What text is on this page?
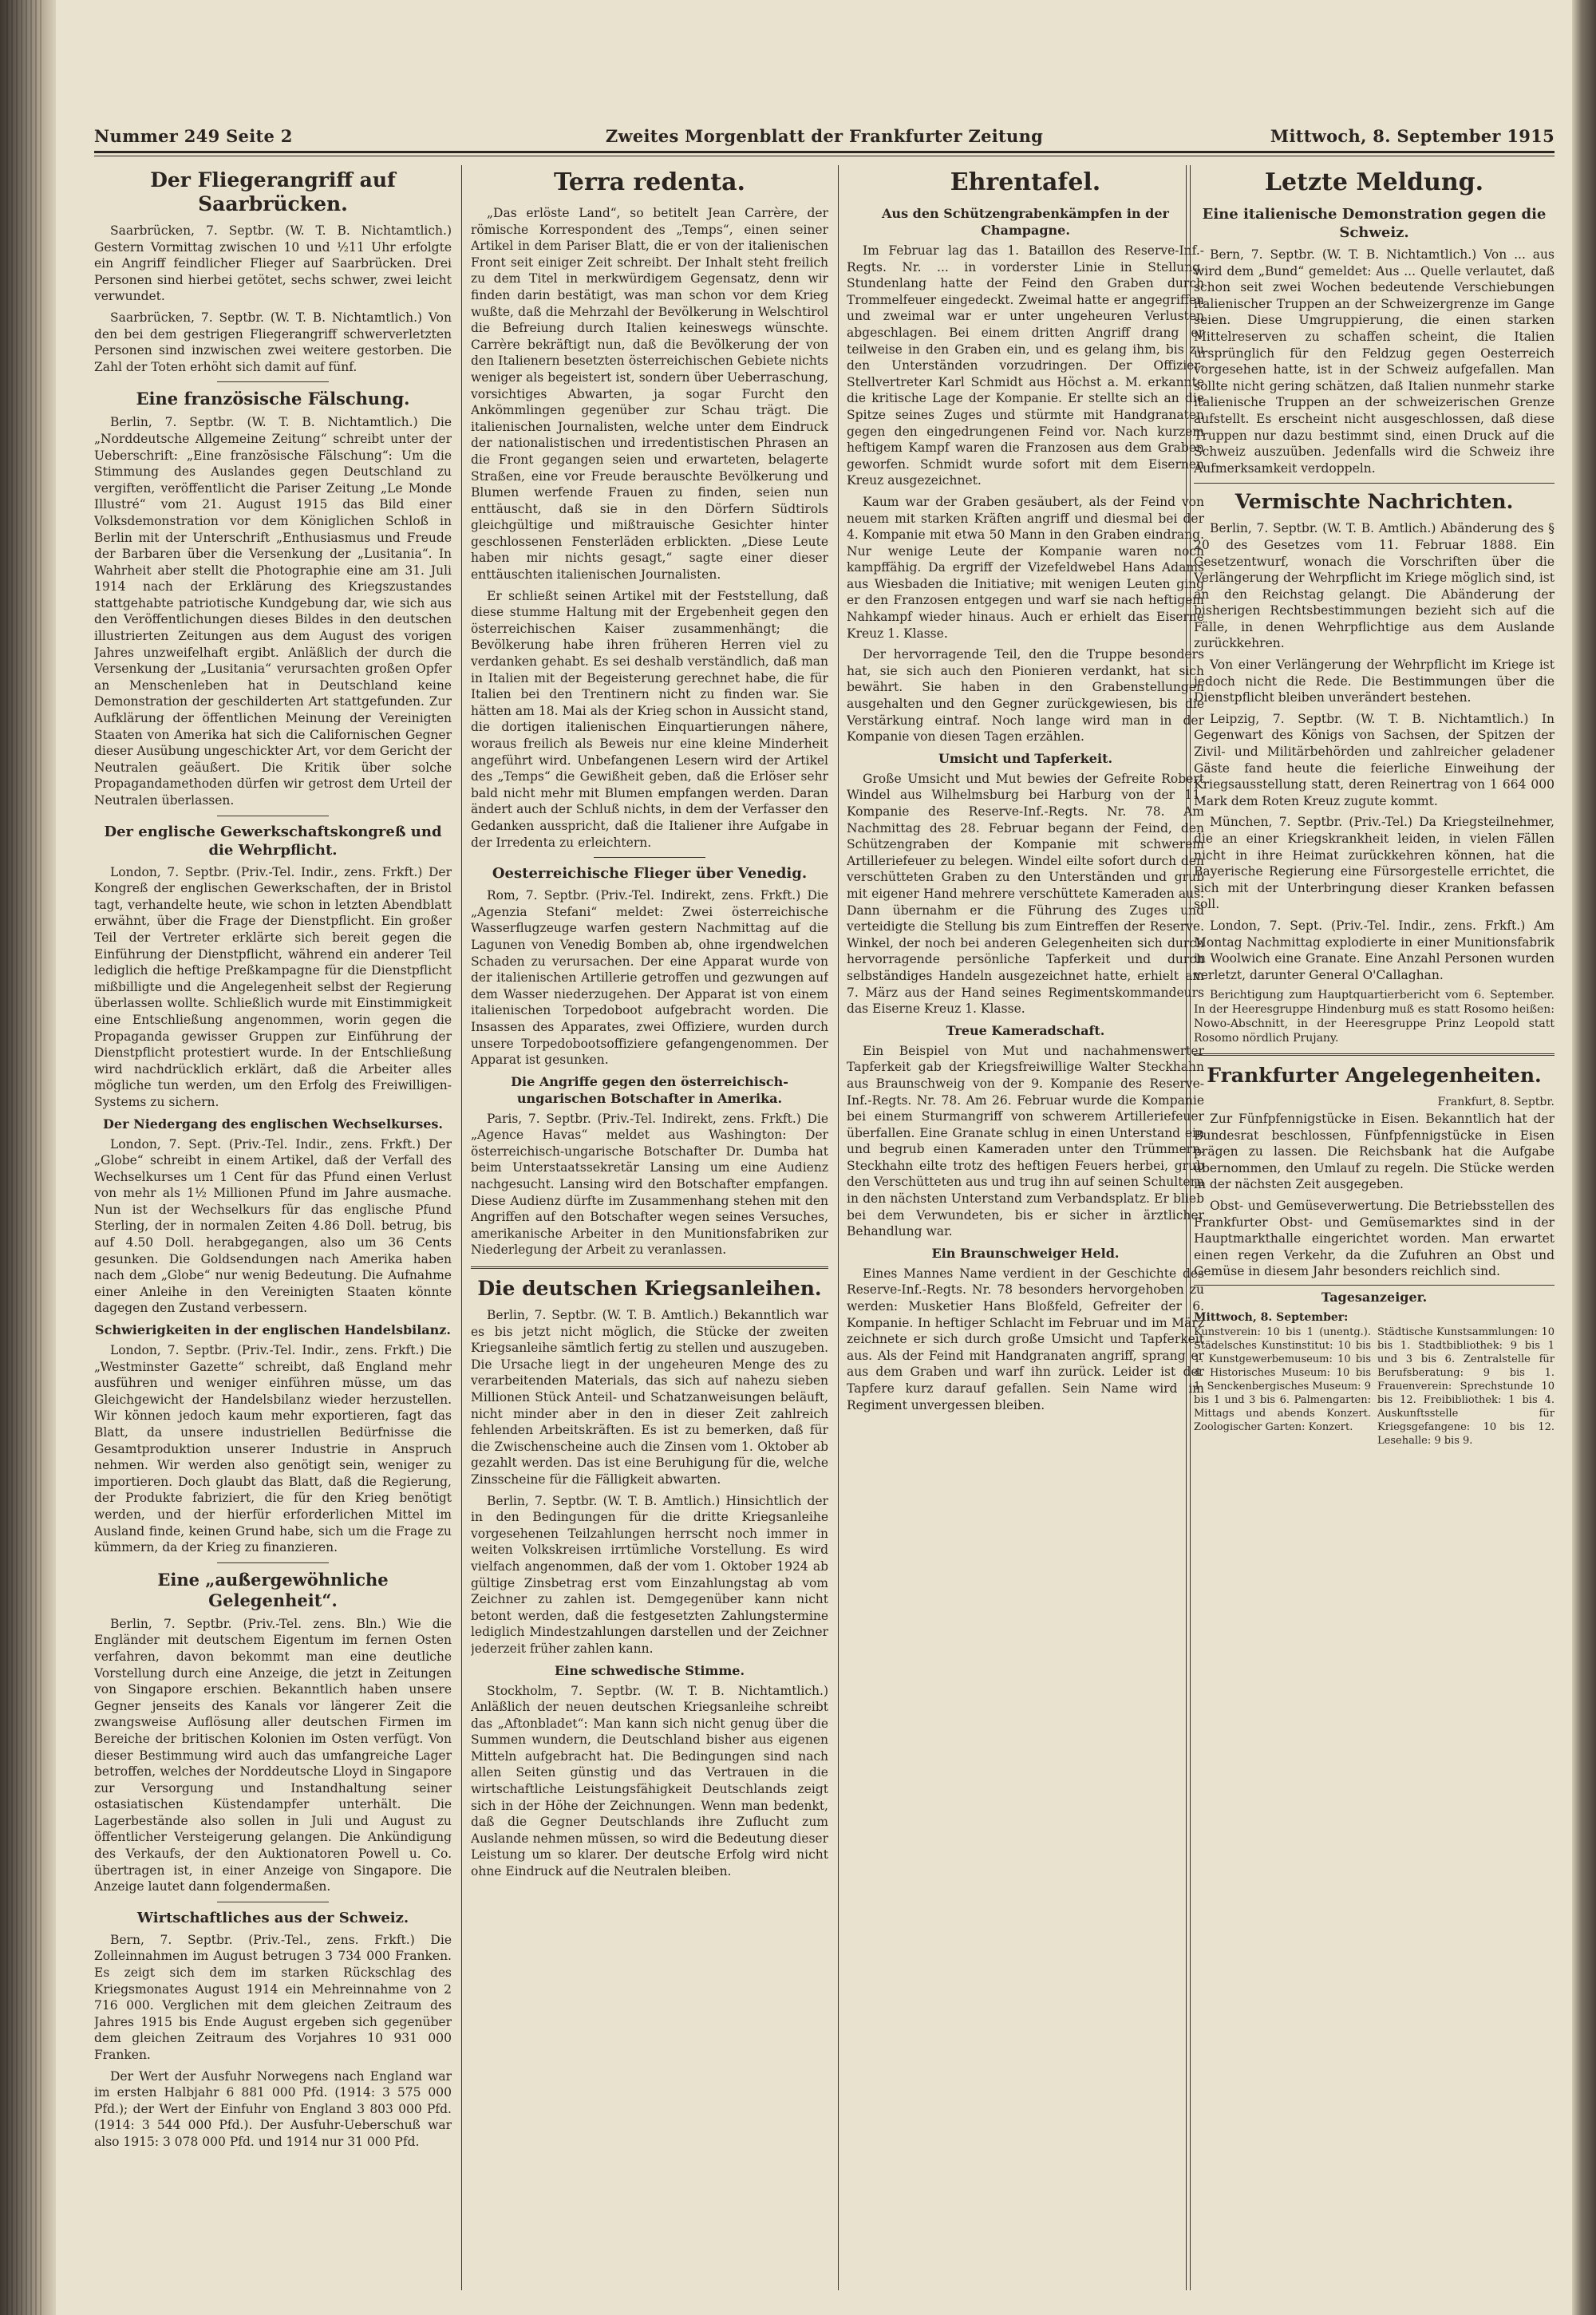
Nummer 249 Seite 2	Zweites Morgenblatt der Frankfurter Zeitung	Mittwoch, 8. September 1915
Der Fliegerangriff auf Saarbrücken.

Saarbrücken, 7. Septbr. (W. T. B. Nichtamtlich.) Gestern Vormittag zwischen 10 und ½11 Uhr erfolgte ein Angriff feindlicher Flieger auf Saarbrücken. Drei Personen sind hierbei getötet, sechs schwer, zwei leicht verwundet.

Saarbrücken, 7. Septbr. (W. T. B. Nichtamtlich.) Von den bei dem gestrigen Fliegerangriff schwerverletzten Personen sind inzwischen zwei weitere gestorben. Die Zahl der Toten erhöht sich damit auf fünf.

Eine französische Fälschung.

Berlin, 7. Septbr. (W. T. B. Nichtamtlich.) Die „Norddeutsche Allgemeine Zeitung“ schreibt unter der Ueberschrift: „Eine französische Fälschung“: Um die Stimmung des Auslandes gegen Deutschland zu vergiften, veröffentlicht die Pariser Zeitung „Le Monde Illustré“ vom 21. August 1915 das Bild einer Volksdemonstration vor dem Königlichen Schloß in Berlin mit der Unterschrift „Enthusiasmus und Freude der Barbaren über die Versenkung der „Lusitania“. In Wahrheit aber stellt die Photographie eine am 31. Juli 1914 nach der Erklärung des Kriegszustandes stattgehabte patriotische Kundgebung dar, wie sich aus den Veröffentlichungen dieses Bildes in den deutschen illustrierten Zeitungen aus dem August des vorigen Jahres unzweifelhaft ergibt. Anläßlich der durch die Versenkung der „Lusitania“ verursachten großen Opfer an Menschenleben hat in Deutschland keine Demonstration der geschilderten Art stattgefunden. Zur Aufklärung der öffentlichen Meinung der Vereinigten Staaten von Amerika hat sich die Californischen Gegner dieser Ausübung ungeschickter Art, vor dem Gericht der Neutralen geäußert. Die Kritik über solche Propagandamethoden dürfen wir getrost dem Urteil der Neutralen überlassen.

Der englische Gewerkschaftskongreß und die Wehrpflicht.

London, 7. Septbr. (Priv.-Tel. Indir., zens. Frkft.) Der Kongreß der englischen Gewerkschaften, der in Bristol tagt, verhandelte heute, wie schon in letzten Abendblatt erwähnt, über die Frage der Dienstpflicht. Ein großer Teil der Vertreter erklärte sich bereit gegen die Einführung der Dienstpflicht, während ein anderer Teil lediglich die heftige Preßkampagne für die Dienstpflicht mißbilligte und die Angelegenheit selbst der Regierung überlassen wollte. Schließlich wurde mit Einstimmigkeit eine Entschließung angenommen, worin gegen die Propaganda gewisser Gruppen zur Einführung der Dienstpflicht protestiert wurde. In der Entschließung wird nachdrücklich erklärt, daß die Arbeiter alles mögliche tun werden, um den Erfolg des Freiwilligen-Systems zu sichern.

Der Niedergang des englischen Wechselkurses.

London, 7. Sept. (Priv.-Tel. Indir., zens. Frkft.) Der „Globe“ schreibt in einem Artikel, daß der Verfall des Wechselkurses um 1 Cent für das Pfund einen Verlust von mehr als 1½ Millionen Pfund im Jahre ausmache. Nun ist der Wechselkurs für das englische Pfund Sterling, der in normalen Zeiten 4.86 Doll. betrug, bis auf 4.50 Doll. herabgegangen, also um 36 Cents gesunken. Die Goldsendungen nach Amerika haben nach dem „Globe“ nur wenig Bedeutung. Die Aufnahme einer Anleihe in den Vereinigten Staaten könnte dagegen den Zustand verbessern.

Schwierigkeiten in der englischen Handelsbilanz.

London, 7. Septbr. (Priv.-Tel. Indir., zens. Frkft.) Die „Westminster Gazette“ schreibt, daß England mehr ausführen und weniger einführen müsse, um das Gleichgewicht der Handelsbilanz wieder herzustellen. Wir können jedoch kaum mehr exportieren, fagt das Blatt, da unsere industriellen Bedürfnisse die Gesamtproduktion unserer Industrie in Anspruch nehmen. Wir werden also genötigt sein, weniger zu importieren. Doch glaubt das Blatt, daß die Regierung, der Produkte fabriziert, die für den Krieg benötigt werden, und der hierfür erforderlichen Mittel im Ausland finde, keinen Grund habe, sich um die Frage zu kümmern, da der Krieg zu finanzieren.

Eine „außergewöhnliche Gelegenheit“.

Berlin, 7. Septbr. (Priv.-Tel. zens. Bln.) Wie die Engländer mit deutschem Eigentum im fernen Osten verfahren, davon bekommt man eine deutliche Vorstellung durch eine Anzeige, die jetzt in Zeitungen von Singapore erschien. Bekanntlich haben unsere Gegner jenseits des Kanals vor längerer Zeit die zwangsweise Auflösung aller deutschen Firmen im Bereiche der britischen Kolonien im Osten verfügt. Von dieser Bestimmung wird auch das umfangreiche Lager betroffen, welches der Norddeutsche Lloyd in Singapore zur Versorgung und Instandhaltung seiner ostasiatischen Küstendampfer unterhält. Die Lagerbestände also sollen in Juli und August zu öffentlicher Versteigerung gelangen. Die Ankündigung des Verkaufs, der den Auktionatoren Powell u. Co. übertragen ist, in einer Anzeige von Singapore. Die Anzeige lautet dann folgendermaßen.

Wirtschaftliches aus der Schweiz.

Bern, 7. Septbr. (Priv.-Tel., zens. Frkft.) Die Zolleinnahmen im August betrugen 3 734 000 Franken. Es zeigt sich dem im starken Rückschlag des Kriegsmonates August 1914 ein Mehreinnahme von 2 716 000. Verglichen mit dem gleichen Zeitraum des Jahres 1915 bis Ende August ergeben sich gegenüber dem gleichen Zeitraum des Vorjahres 10 931 000 Franken.

Der Wert der Ausfuhr Norwegens nach England war im ersten Halbjahr 6 881 000 Pfd. (1914: 3 575 000 Pfd.); der Wert der Einfuhr von England 3 803 000 Pfd. (1914: 3 544 000 Pfd.). Der Ausfuhr-Ueberschuß war also 1915: 3 078 000 Pfd. und 1914 nur 31 000 Pfd.

Terra redenta.

„Das erlöste Land“, so betitelt Jean Carrère, der römische Korrespondent des „Temps“, einen seiner Artikel in dem Pariser Blatt, die er von der italienischen Front seit einiger Zeit schreibt. Der Inhalt steht freilich zu dem Titel in merkwürdigem Gegensatz, denn wir finden darin bestätigt, was man schon vor dem Krieg wußte, daß die Mehrzahl der Bevölkerung in Welschtirol die Befreiung durch Italien keineswegs wünschte. Carrère bekräftigt nun, daß die Bevölkerung der von den Italienern besetzten österreichischen Gebiete nichts weniger als begeistert ist, sondern über Ueberraschung, vorsichtiges Abwarten, ja sogar Furcht den Ankömmlingen gegenüber zur Schau trägt. Die italienischen Journalisten, welche unter dem Eindruck der nationalistischen und irredentistischen Phrasen an die Front gegangen seien und erwarteten, belagerte Straßen, eine vor Freude berauschte Bevölkerung und Blumen werfende Frauen zu finden, seien nun enttäuscht, daß sie in den Dörfern Südtirols gleichgültige und mißtrauische Gesichter hinter geschlossenen Fensterläden erblickten. „Diese Leute haben mir nichts gesagt,“ sagte einer dieser enttäuschten italienischen Journalisten.

Er schließt seinen Artikel mit der Feststellung, daß diese stumme Haltung mit der Ergebenheit gegen den österreichischen Kaiser zusammenhängt; die Bevölkerung habe ihren früheren Herren viel zu verdanken gehabt. Es sei deshalb verständlich, daß man in Italien mit der Begeisterung gerechnet habe, die für Italien bei den Trentinern nicht zu finden war. Sie hätten am 18. Mai als der Krieg schon in Aussicht stand, die dortigen italienischen Einquartierungen nähere, woraus freilich als Beweis nur eine kleine Minderheit angeführt wird. Unbefangenen Lesern wird der Artikel des „Temps“ die Gewißheit geben, daß die Erlöser sehr bald nicht mehr mit Blumen empfangen werden. Daran ändert auch der Schluß nichts, in dem der Verfasser den Gedanken ausspricht, daß die Italiener ihre Aufgabe in der Irredenta zu erleichtern.

Oesterreichische Flieger über Venedig.

Rom, 7. Septbr. (Priv.-Tel. Indirekt, zens. Frkft.) Die „Agenzia Stefani“ meldet: Zwei österreichische Wasserflugzeuge warfen gestern Nachmittag auf die Lagunen von Venedig Bomben ab, ohne irgendwelchen Schaden zu verursachen. Der eine Apparat wurde von der italienischen Artillerie getroffen und gezwungen auf dem Wasser niederzugehen. Der Apparat ist von einem italienischen Torpedoboot aufgebracht worden. Die Insassen des Apparates, zwei Offiziere, wurden durch unsere Torpedobootsoffiziere gefangengenommen. Der Apparat ist gesunken.

Die Angriffe gegen den österreichisch-ungarischen Botschafter in Amerika.

Paris, 7. Septbr. (Priv.-Tel. Indirekt, zens. Frkft.) Die „Agence Havas“ meldet aus Washington: Der österreichisch-ungarische Botschafter Dr. Dumba hat beim Unterstaatssekretär Lansing um eine Audienz nachgesucht. Lansing wird den Botschafter empfangen. Diese Audienz dürfte im Zusammenhang stehen mit den Angriffen auf den Botschafter wegen seines Versuches, amerikanische Arbeiter in den Munitionsfabriken zur Niederlegung der Arbeit zu veranlassen.

Die deutschen Kriegsanleihen.

Berlin, 7. Septbr. (W. T. B. Amtlich.) Bekanntlich war es bis jetzt nicht möglich, die Stücke der zweiten Kriegsanleihe sämtlich fertig zu stellen und auszugeben. Die Ursache liegt in der ungeheuren Menge des zu verarbeitenden Materials, das sich auf nahezu sieben Millionen Stück Anteil- und Schatzanweisungen beläuft, nicht minder aber in den in dieser Zeit zahlreich fehlenden Arbeitskräften. Es ist zu bemerken, daß für die Zwischenscheine auch die Zinsen vom 1. Oktober ab gezahlt werden. Das ist eine Beruhigung für die, welche Zinsscheine für die Fälligkeit abwarten.

Berlin, 7. Septbr. (W. T. B. Amtlich.) Hinsichtlich der in den Bedingungen für die dritte Kriegsanleihe vorgesehenen Teilzahlungen herrscht noch immer in weiten Volkskreisen irrtümliche Vorstellung. Es wird vielfach angenommen, daß der vom 1. Oktober 1924 ab gültige Zinsbetrag erst vom Einzahlungstag ab vom Zeichner zu zahlen ist. Demgegenüber kann nicht betont werden, daß die festgesetzten Zahlungstermine lediglich Mindestzahlungen darstellen und der Zeichner jederzeit früher zahlen kann.

Eine schwedische Stimme.

Stockholm, 7. Septbr. (W. T. B. Nichtamtlich.) Anläßlich der neuen deutschen Kriegsanleihe schreibt das „Aftonbladet“: Man kann sich nicht genug über die Summen wundern, die Deutschland bisher aus eigenen Mitteln aufgebracht hat. Die Bedingungen sind nach allen Seiten günstig und das Vertrauen in die wirtschaftliche Leistungsfähigkeit Deutschlands zeigt sich in der Höhe der Zeichnungen. Wenn man bedenkt, daß die Gegner Deutschlands ihre Zuflucht zum Auslande nehmen müssen, so wird die Bedeutung dieser Leistung um so klarer. Der deutsche Erfolg wird nicht ohne Eindruck auf die Neutralen bleiben.

Ehrentafel.
Aus den Schützengrabenkämpfen in der Champagne.

Im Februar lag das 1. Bataillon des Reserve-Inf.-Regts. Nr. ... in vorderster Linie in Stellung. Stundenlang hatte der Feind den Graben durch Trommelfeuer eingedeckt. Zweimal hatte er angegriffen und zweimal war er unter ungeheuren Verlusten abgeschlagen. Bei einem dritten Angriff drang er teilweise in den Graben ein, und es gelang ihm, bis zu den Unterständen vorzudringen. Der Offizier-Stellvertreter Karl Schmidt aus Höchst a. M. erkannte die kritische Lage der Kompanie. Er stellte sich an die Spitze seines Zuges und stürmte mit Handgranaten gegen den eingedrungenen Feind vor. Nach kurzem heftigem Kampf waren die Franzosen aus dem Graben geworfen. Schmidt wurde sofort mit dem Eisernen Kreuz ausgezeichnet.

Kaum war der Graben gesäubert, als der Feind von neuem mit starken Kräften angriff und diesmal bei der 4. Kompanie mit etwa 50 Mann in den Graben eindrang. Nur wenige Leute der Kompanie waren noch kampffähig. Da ergriff der Vizefeldwebel Hans Adams aus Wiesbaden die Initiative; mit wenigen Leuten ging er den Franzosen entgegen und warf sie nach heftigem Nahkampf wieder hinaus. Auch er erhielt das Eiserne Kreuz 1. Klasse.

Der hervorragende Teil, den die Truppe besonders hat, sie sich auch den Pionieren verdankt, hat sich bewährt. Sie haben in den Grabenstellungen ausgehalten und den Gegner zurückgewiesen, bis die Verstärkung eintraf. Noch lange wird man in der Kompanie von diesen Tagen erzählen.

Umsicht und Tapferkeit.

Große Umsicht und Mut bewies der Gefreite Robert Windel aus Wilhelmsburg bei Harburg von der 11. Kompanie des Reserve-Inf.-Regts. Nr. 78. Am Nachmittag des 28. Februar begann der Feind, den Schützengraben der Kompanie mit schwerem Artilleriefeuer zu belegen. Windel eilte sofort durch den verschütteten Graben zu den Unterständen und grub mit eigener Hand mehrere verschüttete Kameraden aus. Dann übernahm er die Führung des Zuges und verteidigte die Stellung bis zum Eintreffen der Reserve. Winkel, der noch bei anderen Gelegenheiten sich durch hervorragende persönliche Tapferkeit und durch selbständiges Handeln ausgezeichnet hatte, erhielt am 7. März aus der Hand seines Regimentskommandeurs das Eiserne Kreuz 1. Klasse.

Treue Kameradschaft.

Ein Beispiel von Mut und nachahmenswerter Tapferkeit gab der Kriegsfreiwillige Walter Steckhahn aus Braunschweig von der 9. Kompanie des Reserve-Inf.-Regts. Nr. 78. Am 26. Februar wurde die Kompanie bei einem Sturmangriff von schwerem Artilleriefeuer überfallen. Eine Granate schlug in einen Unterstand ein und begrub einen Kameraden unter den Trümmern. Steckhahn eilte trotz des heftigen Feuers herbei, grub den Verschütteten aus und trug ihn auf seinen Schultern in den nächsten Unterstand zum Verbandsplatz. Er blieb bei dem Verwundeten, bis er sicher in ärztlicher Behandlung war.

Ein Braunschweiger Held.

Eines Mannes Name verdient in der Geschichte des Reserve-Inf.-Regts. Nr. 78 besonders hervorgehoben zu werden: Musketier Hans Bloßfeld, Gefreiter der 6. Kompanie. In heftiger Schlacht im Februar und im März zeichnete er sich durch große Umsicht und Tapferkeit aus. Als der Feind mit Handgranaten angriff, sprang er aus dem Graben und warf ihn zurück. Leider ist der Tapfere kurz darauf gefallen. Sein Name wird im Regiment unvergessen bleiben.

Letzte Meldung.
Eine italienische Demonstration gegen die Schweiz.

Bern, 7. Septbr. (W. T. B. Nichtamtlich.) Von ... aus wird dem „Bund“ gemeldet: Aus ... Quelle verlautet, daß schon seit zwei Wochen bedeutende Verschiebungen italienischer Truppen an der Schweizergrenze im Gange seien. Diese Umgruppierung, die einen starken Mittelreserven zu schaffen scheint, die Italien ursprünglich für den Feldzug gegen Oesterreich vorgesehen hatte, ist in der Schweiz aufgefallen. Man sollte nicht gering schätzen, daß Italien nunmehr starke italienische Truppen an der schweizerischen Grenze aufstellt. Es erscheint nicht ausgeschlossen, daß diese Truppen nur dazu bestimmt sind, einen Druck auf die Schweiz auszuüben. Jedenfalls wird die Schweiz ihre Aufmerksamkeit verdoppeln.

Vermischte Nachrichten.

Berlin, 7. Septbr. (W. T. B. Amtlich.) Abänderung des § 20 des Gesetzes vom 11. Februar 1888. Ein Gesetzentwurf, wonach die Vorschriften über die Verlängerung der Wehrpflicht im Kriege möglich sind, ist an den Reichstag gelangt. Die Abänderung der bisherigen Rechtsbestimmungen bezieht sich auf die Fälle, in denen Wehrpflichtige aus dem Auslande zurückkehren.

Von einer Verlängerung der Wehrpflicht im Kriege ist jedoch nicht die Rede. Die Bestimmungen über die Dienstpflicht bleiben unverändert bestehen.

Leipzig, 7. Septbr. (W. T. B. Nichtamtlich.) In Gegenwart des Königs von Sachsen, der Spitzen der Zivil- und Militärbehörden und zahlreicher geladener Gäste fand heute die feierliche Einweihung der Kriegsausstellung statt, deren Reinertrag von 1 664 000 Mark dem Roten Kreuz zugute kommt.

München, 7. Septbr. (Priv.-Tel.) Da Kriegsteilnehmer, die an einer Kriegskrankheit leiden, in vielen Fällen nicht in ihre Heimat zurückkehren können, hat die Bayerische Regierung eine Fürsorgestelle errichtet, die sich mit der Unterbringung dieser Kranken befassen soll.

London, 7. Sept. (Priv.-Tel. Indir., zens. Frkft.) Am Montag Nachmittag explodierte in einer Munitionsfabrik in Woolwich eine Granate. Eine Anzahl Personen wurden verletzt, darunter General O'Callaghan.

Berichtigung zum Hauptquartierbericht vom 6. September. In der Heeresgruppe Hindenburg muß es statt Rosomo heißen: Nowo-Abschnitt, in der Heeresgruppe Prinz Leopold statt Rosomo nördlich Prujany.

Frankfurter Angelegenheiten.
Frankfurt, 8. Septbr.

Zur Fünfpfennigstücke in Eisen. Bekanntlich hat der Bundesrat beschlossen, Fünfpfennigstücke in Eisen prägen zu lassen. Die Reichsbank hat die Aufgabe übernommen, den Umlauf zu regeln. Die Stücke werden in der nächsten Zeit ausgegeben.

Obst- und Gemüseverwertung. Die Betriebsstellen des Frankfurter Obst- und Gemüsemarktes sind in der Hauptmarkthalle eingerichtet worden. Man erwartet einen regen Verkehr, da die Zufuhren an Obst und Gemüse in diesem Jahr besonders reichlich sind.

Tagesanzeiger.
Mittwoch, 8. September:
Kunstverein: 10 bis 1 (unentg.). Städelsches Kunstinstitut: 10 bis 1. Kunstgewerbemuseum: 10 bis 4. Historisches Museum: 10 bis 1. Senckenbergisches Museum: 9 bis 1 und 3 bis 6. Palmengarten: Mittags und abends Konzert. Zoologischer Garten: Konzert.
Städtische Kunstsammlungen: 10 bis 1. Stadtbibliothek: 9 bis 1 und 3 bis 6. Zentralstelle für Berufsberatung: 9 bis 1. Frauenverein: Sprechstunde 10 bis 12. Freibibliothek: 1 bis 4. Auskunftsstelle für Kriegsgefangene: 10 bis 12. Lesehalle: 9 bis 9.
